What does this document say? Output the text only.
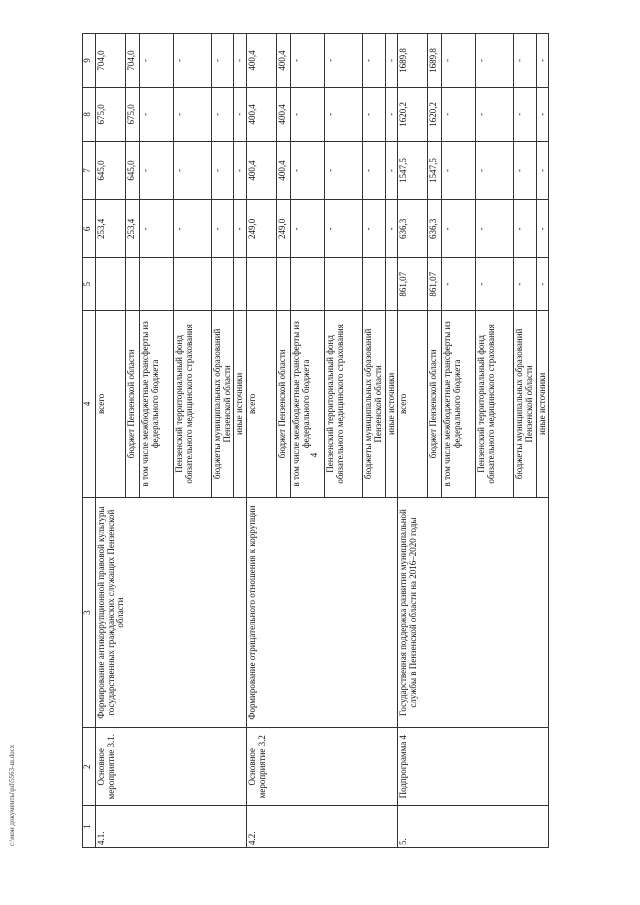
4
c:\мои документы\pd\5563-ш.docx	1	2	3	4	5	6	7	8	9
4.1.	Основное мероприятие 3.1.	Формирование антикоррупционной правовой культуры государственных гражданских служащих Пензенской области	всего		253,4	645,0	675,0	704,0
			бюджет Пензенской области		253,4	645,0	675,0	704,0
			в том числе межбюджетные трансферты из федерального бюджета		-	-	-	-
			Пензенский территориальный фонд обязательного медицинского страхования		-	-	-	-
			бюджеты муниципальных образований Пензенской области		-	-	-	-
			иные источники		-	-	-	-
4.2.	Основное мероприятие 3.2	Формирование отрицательного отношения к коррупции	всего		249,0	400,4	400,4	400,4
			бюджет Пензенской области		249,0	400,4	400,4	400,4
			в том числе межбюджетные трансферты из федерального бюджета		-	-	-	-
			Пензенский территориальный фонд обязательного медицинского страхования		-	-	-	-
			бюджеты муниципальных образований Пензенской области		-	-	-	-
			иные источники		-	-	-	-
5.	Подпрограмма 4	Государственная поддержка развития муниципальной службы в Пензенской области на 2016–2020 годы	всего	861,07	636,3	1547,5	1620,2	1689,8
			бюджет Пензенской области	861,07	636,3	1547,5	1620,2	1689,8
			в том числе межбюджетные трансферты из федерального бюджета	-	-	-	-	-
			Пензенский территориальный фонд обязательного медицинского страхования	-	-	-	-	-
			бюджеты муниципальных образований Пензенской области	-	-	-	-	-
			иные источники	-	-	-	-	-
